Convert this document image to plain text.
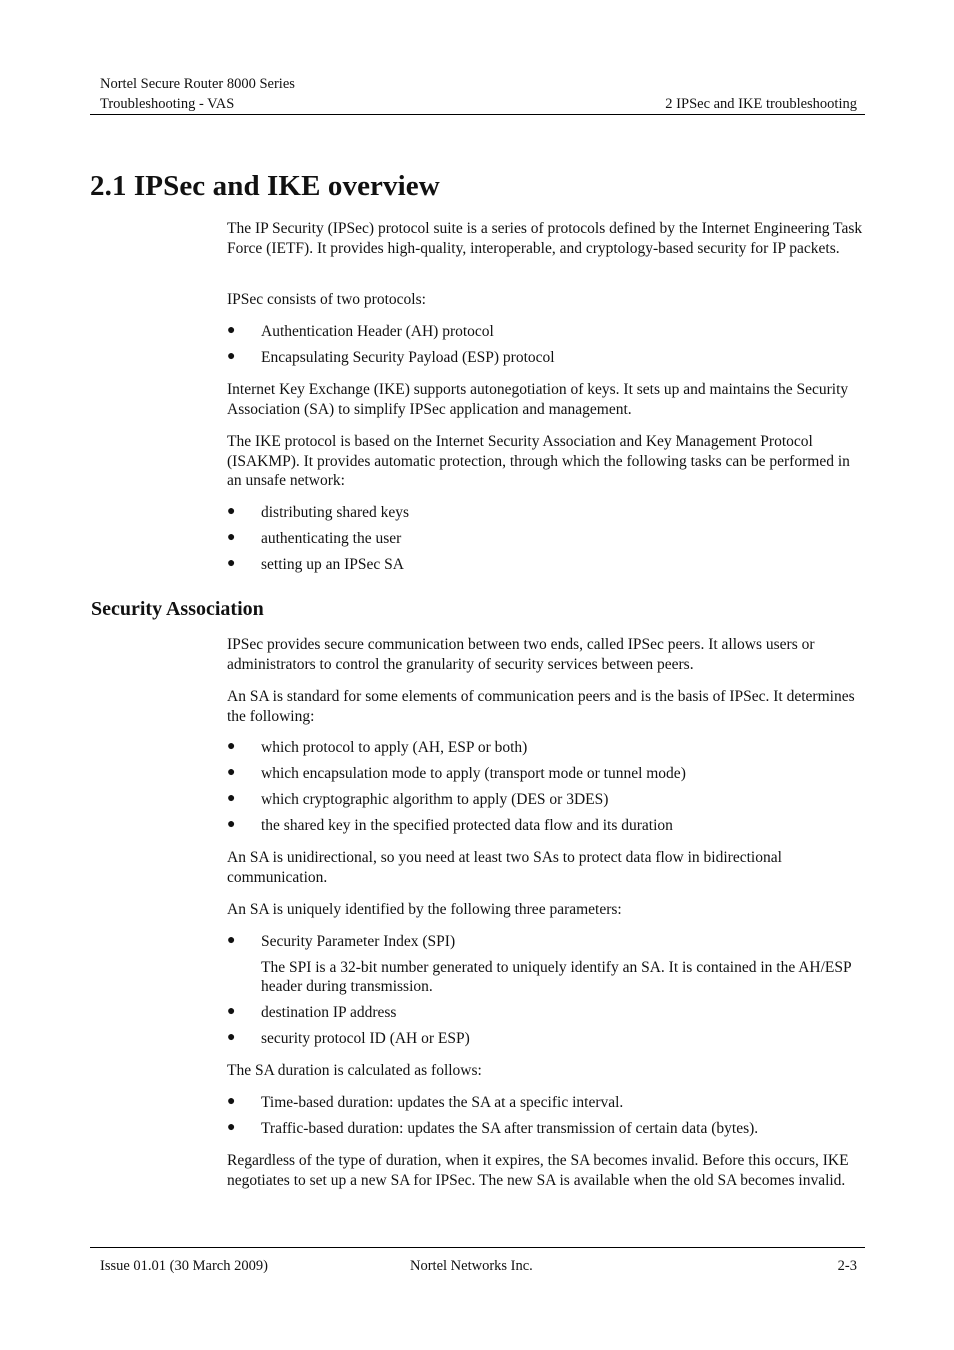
Nortel Secure Router 8000 Series
Troubleshooting - VAS	2 IPSec and IKE troubleshooting
2.1 IPSec and IKE overview

The IP Security (IPSec) protocol suite is a series of protocols defined by the Internet Engineering Task Force (IETF). It provides high-quality, interoperable, and cryptology-based security for IP packets.

IPSec consists of two protocols:

● Authentication Header (AH) protocol
● Encapsulating Security Payload (ESP) protocol

Internet Key Exchange (IKE) supports autonegotiation of keys. It sets up and maintains the Security Association (SA) to simplify IPSec application and management.

The IKE protocol is based on the Internet Security Association and Key Management Protocol (ISAKMP). It provides automatic protection, through which the following tasks can be performed in an unsafe network:

● distributing shared keys
● authenticating the user
● setting up an IPSec SA
Security Association

IPSec provides secure communication between two ends, called IPSec peers. It allows users or administrators to control the granularity of security services between peers.

An SA is standard for some elements of communication peers and is the basis of IPSec. It determines the following:

● which protocol to apply (AH, ESP or both)
● which encapsulation mode to apply (transport mode or tunnel mode)
● which cryptographic algorithm to apply (DES or 3DES)
● the shared key in the specified protected data flow and its duration

An SA is unidirectional, so you need at least two SAs to protect data flow in bidirectional communication.

An SA is uniquely identified by the following three parameters:

● Security Parameter Index (SPI)
The SPI is a 32-bit number generated to uniquely identify an SA. It is contained in the AH/ESP header during transmission.
● destination IP address
● security protocol ID (AH or ESP)

The SA duration is calculated as follows:

● Time-based duration: updates the SA at a specific interval.
● Traffic-based duration: updates the SA after transmission of certain data (bytes).

Regardless of the type of duration, when it expires, the SA becomes invalid. Before this occurs, IKE negotiates to set up a new SA for IPSec. The new SA is available when the old SA becomes invalid.

Issue 01.01 (30 March 2009)	Nortel Networks Inc.	2-3
